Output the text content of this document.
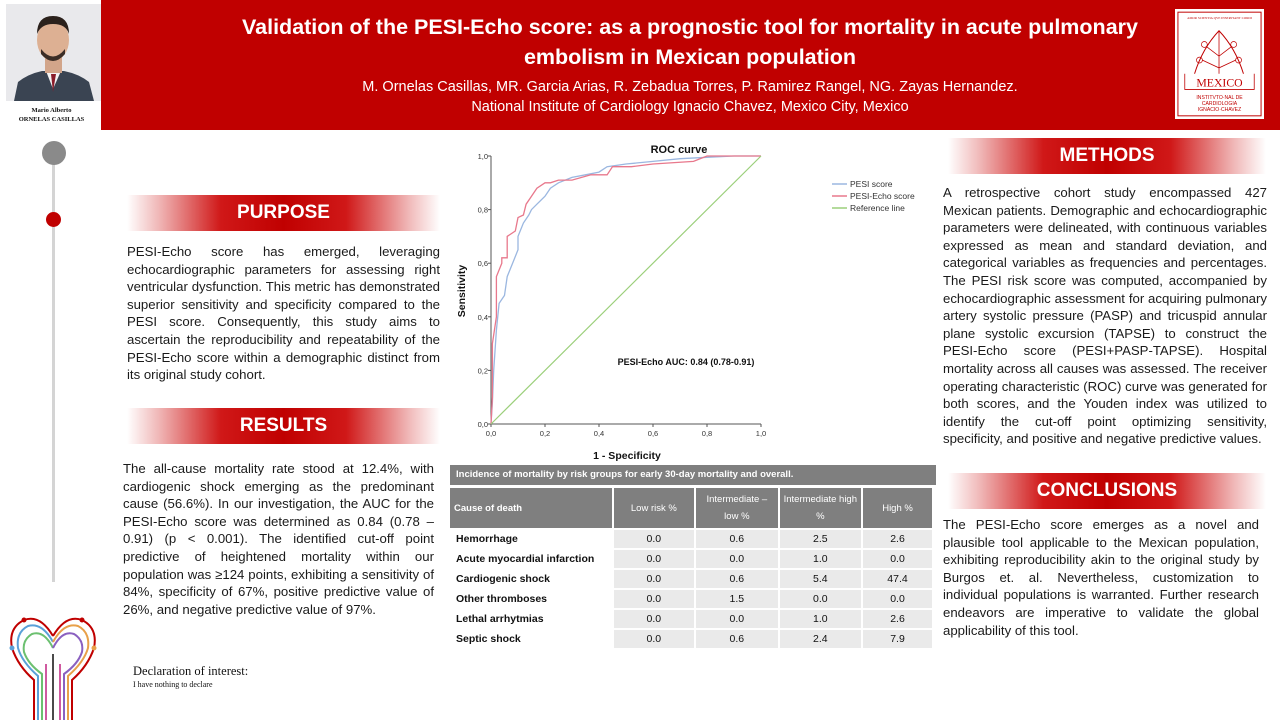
Mario Alberto
ORNELAS CASILLAS
Validation of the PESI-Echo score: as a prognostic tool for mortality in acute pulmonary embolism in Mexican population
M. Ornelas Casillas, MR. Garcia Arias, R. Zebadua Torres, P. Ramirez Rangel, NG. Zayas Hernandez.
National Institute of Cardiology Ignacio Chavez, Mexico City, Mexico
AMOR SCIENTIA QVE INSERVIANT CORDI
MEXICO
INSTITVTO·NAL DE
CARDIOLOGIA
IGNACIO·CHAVEZ
PURPOSE
PESI-Echo score has emerged, leveraging echocardiographic parameters for assessing right ventricular dysfunction. This metric has demonstrated superior sensitivity and specificity compared to the PESI score. Consequently, this study aims to ascertain the reproducibility and repeatability of the PESI-Echo score within a demographic distinct from its original study cohort.
RESULTS
The all-cause mortality rate stood at 12.4%, with cardiogenic shock emerging as the predominant cause (56.6%). In our investigation, the AUC for the PESI-Echo score was determined as 0.84 (0.78 – 0.91) (p < 0.001). The identified cut-off point predictive of heightened mortality within our population was ≥124 points, exhibiting a sensitivity of 84%, specificity of 67%, positive predictive value of 26%, and negative predictive value of 97%.
Declaration of interest:
I have nothing to declare
0,0
0,0
0,2
0,2
0,4
0,4
0,6
0,6
0,8
0,8
1,0
1,0
ROC curve
1 - Specificity
Sensitivity
PESI-Echo AUC: 0.84 (0.78-0.91)
PESI score
PESI-Echo score
Reference line
Incidence of mortality by risk groups for early 30-day mortality and overall.
Cause of death	Low risk %	Intermediate – low %	Intermediate high %	High %
Hemorrhage	0.0	0.6	2.5	2.6
Acute myocardial infarction	0.0	0.0	1.0	0.0
Cardiogenic shock	0.0	0.6	5.4	47.4
Other thromboses	0.0	1.5	0.0	0.0
Lethal arrhytmias	0.0	0.0	1.0	2.6
Septic shock	0.0	0.6	2.4	7.9
METHODS
A retrospective cohort study encompassed 427 Mexican patients. Demographic and echocardiographic parameters were delineated, with continuous variables expressed as mean and standard deviation, and categorical variables as frequencies and percentages. The PESI risk score was computed, accompanied by echocardiographic assessment for acquiring pulmonary artery systolic pressure (PASP) and tricuspid annular plane systolic excursion (TAPSE) to construct the PESI-Echo score (PESI+PASP-TAPSE). Hospital mortality across all causes was assessed. The receiver operating characteristic (ROC) curve was generated for both scores, and the Youden index was utilized to identify the cut-off point optimizing sensitivity, specificity, and positive and negative predictive values.
CONCLUSIONS
The PESI-Echo score emerges as a novel and plausible tool applicable to the Mexican population, exhibiting reproducibility akin to the original study by Burgos et. al. Nevertheless, customization to individual populations is warranted. Further research endeavors are imperative to validate the global applicability of this tool.
